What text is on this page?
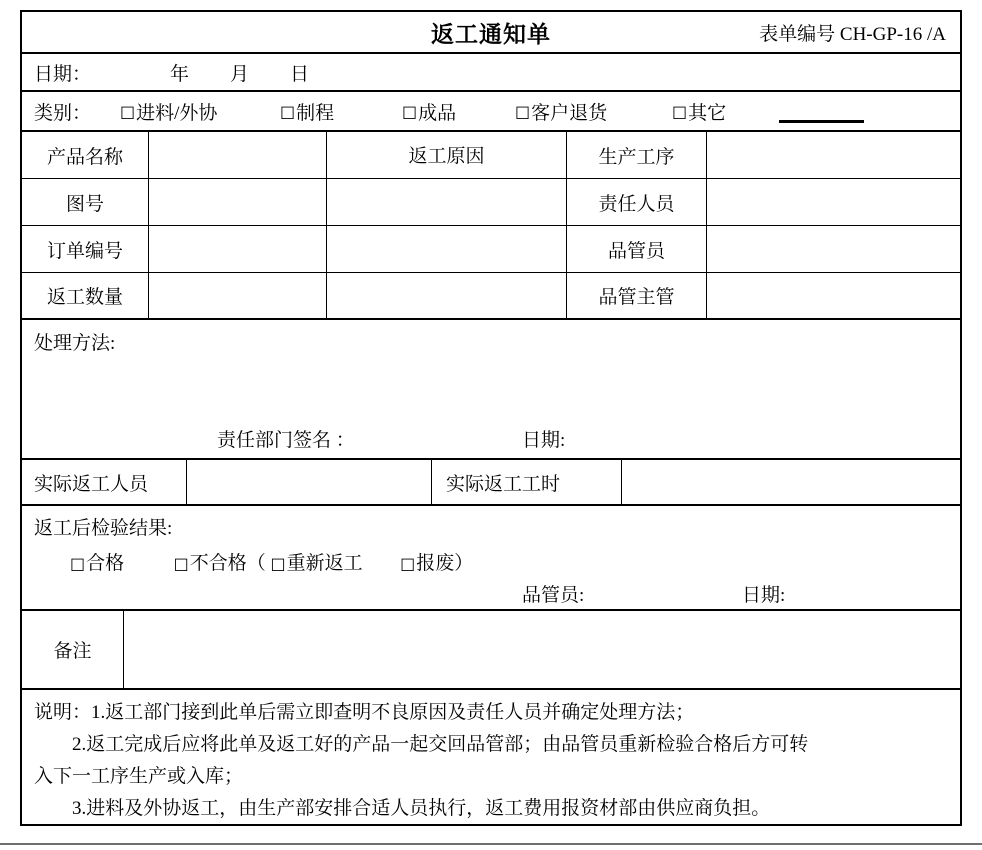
返工通知单	表单编号 CH-GP-16 /A
日期：	年 月 日
类别： □ 进料/外协	□ 制程	□ 成品	□ 客户退货	□ 其它
产品名称	返工原因	生产工序
图号	责任人员
订单编号	品管员
返工数量	品管主管
处理方法:
责任部门签名 ：	日期:
实际返工人员	实际返工工时
返工后检验结果:
□合格	□不合格（ □重新返工 □报废）
品管员:	日期:
备注

说明：1.返工部门接到此单后需立即查明不良原因及责任人员并确定处理方法；

2.返工完成后应将此单及返工好的产品一起交回品管部；由品管员重新检验合格后方可转

入下一工序生产或入库；

3.进料及外协返工，由生产部安排合适人员执行，返工费用报资材部由供应商负担。
